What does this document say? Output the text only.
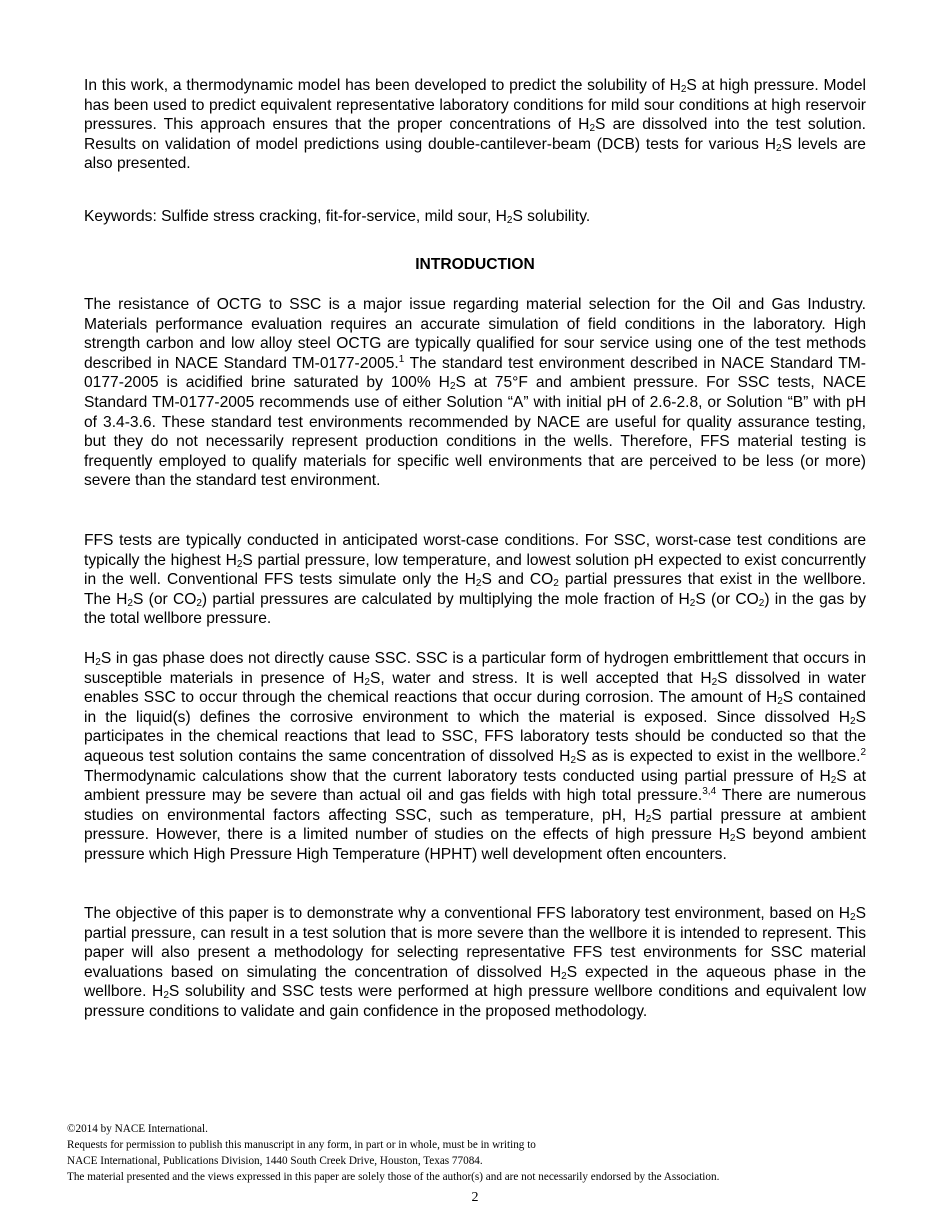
In this work, a thermodynamic model has been developed to predict the solubility of $H_2S$ at high pressure. Model has been used to predict equivalent representative laboratory conditions for mild sour conditions at high reservoir pressures. This approach ensures that the proper concentrations of $H_2S$ are dissolved into the test solution. Results on validation of model predictions using double-cantilever-beam (DCB) tests for various $H_2S$ levels are also presented.

Keywords: Sulfide stress cracking, fit-for-service, mild sour, $H_2S$ solubility.

INTRODUCTION

The resistance of OCTG to SSC is a major issue regarding material selection for the Oil and Gas Industry. Materials performance evaluation requires an accurate simulation of field conditions in the laboratory. High strength carbon and low alloy steel OCTG are typically qualified for sour service using one of the test methods described in NACE Standard TM-0177-2005.$^1$ The standard test environment described in NACE Standard TM-0177-2005 is acidified brine saturated by 100% $H_2S$ at 75°F and ambient pressure. For SSC tests, NACE Standard TM-0177-2005 recommends use of either Solution “A” with initial pH of 2.6-2.8, or Solution “B” with pH of 3.4-3.6. These standard test environments recommended by NACE are useful for quality assurance testing, but they do not necessarily represent production conditions in the wells. Therefore, FFS material testing is frequently employed to qualify materials for specific well environments that are perceived to be less (or more) severe than the standard test environment.

FFS tests are typically conducted in anticipated worst-case conditions. For SSC, worst-case test conditions are typically the highest $H_2S$ partial pressure, low temperature, and lowest solution pH expected to exist concurrently in the well. Conventional FFS tests simulate only the $H_2S$ and $CO_2$ partial pressures that exist in the wellbore. The $H_2S$ (or $CO_2$) partial pressures are calculated by multiplying the mole fraction of $H_2S$ (or $CO_2$) in the gas by the total wellbore pressure.

$H_2S$ in gas phase does not directly cause SSC. SSC is a particular form of hydrogen embrittlement that occurs in susceptible materials in presence of $H_2S$, water and stress. It is well accepted that $H_2S$ dissolved in water enables SSC to occur through the chemical reactions that occur during corrosion. The amount of $H_2S$ contained in the liquid(s) defines the corrosive environment to which the material is exposed. Since dissolved $H_2S$ participates in the chemical reactions that lead to SSC, FFS laboratory tests should be conducted so that the aqueous test solution contains the same concentration of dissolved $H_2S$ as is expected to exist in the wellbore.$^2$ Thermodynamic calculations show that the current laboratory tests conducted using partial pressure of $H_2S$ at ambient pressure may be severe than actual oil and gas fields with high total pressure.$^{3,4}$ There are numerous studies on environmental factors affecting SSC, such as temperature, pH, $H_2S$ partial pressure at ambient pressure. However, there is a limited number of studies on the effects of high pressure $H_2S$ beyond ambient pressure which High Pressure High Temperature (HPHT) well development often encounters.

The objective of this paper is to demonstrate why a conventional FFS laboratory test environment, based on $H_2S$ partial pressure, can result in a test solution that is more severe than the wellbore it is intended to represent. This paper will also present a methodology for selecting representative FFS test environments for SSC material evaluations based on simulating the concentration of dissolved $H_2S$ expected in the aqueous phase in the wellbore. $H_2S$ solubility and SSC tests were performed at high pressure wellbore conditions and equivalent low pressure conditions to validate and gain confidence in the proposed methodology.

©2014 by NACE International.
Requests for permission to publish this manuscript in any form, in part or in whole, must be in writing to
NACE International, Publications Division, 1440 South Creek Drive, Houston, Texas 77084.
The material presented and the views expressed in this paper are solely those of the author(s) and are not necessarily endorsed by the Association.
2
